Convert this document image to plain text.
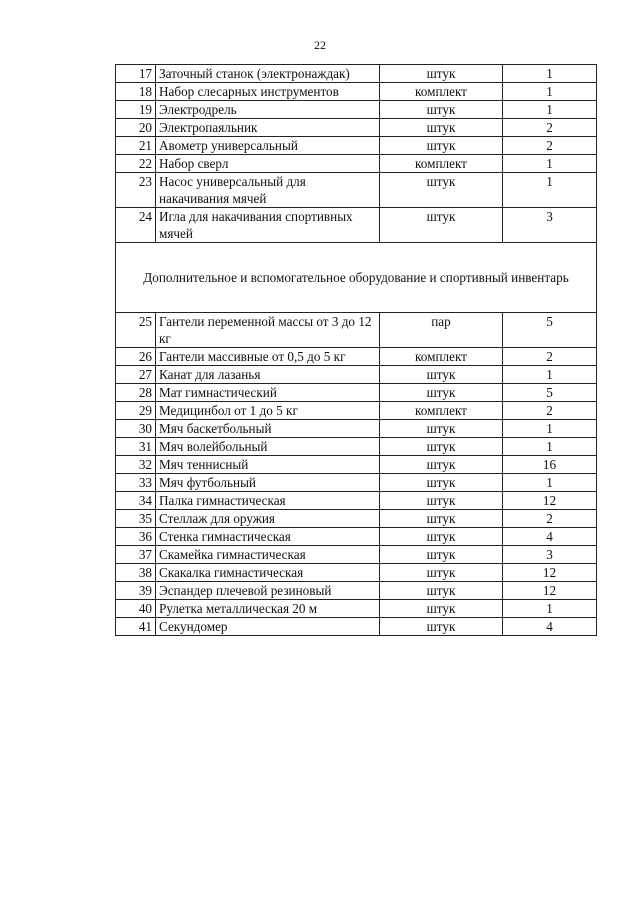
22
17	Заточный станок (электронаждак)	штук	1
18	Набор слесарных инструментов	комплект	1
19	Электродрель	штук	1
20	Электропаяльник	штук	2
21	Авометр универсальный	штук	2
22	Набор сверл	комплект	1
23	Насос универсальный для накачивания мячей	штук	1
24	Игла для накачивания спортивных мячей	штук	3
Дополнительное и вспомогательное оборудование и спортивный инвентарь			
25	Гантели переменной массы от 3 до 12 кг	пар	5
26	Гантели массивные от 0,5 до 5 кг	комплект	2
27	Канат для лазанья	штук	1
28	Мат гимнастический	штук	5
29	Медицинбол от 1 до 5 кг	комплект	2
30	Мяч баскетбольный	штук	1
31	Мяч волейбольный	штук	1
32	Мяч теннисный	штук	16
33	Мяч футбольный	штук	1
34	Палка гимнастическая	штук	12
35	Стеллаж для оружия	штук	2
36	Стенка гимнастическая	штук	4
37	Скамейка гимнастическая	штук	3
38	Скакалка гимнастическая	штук	12
39	Эспандер плечевой резиновый	штук	12
40	Рулетка металлическая 20 м	штук	1
41	Секундомер	штук	4
